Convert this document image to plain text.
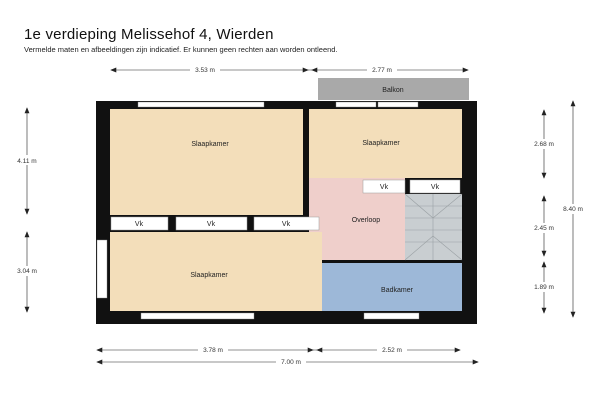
1e verdieping Melissehof 4, Wierden
Vermelde maten en afbeeldingen zijn indicatief. Er kunnen geen rechten aan worden ontleend.
Balkon
Vk	Vk
Vk	Vk	Vk
Slaapkamer	Slaapkamer
Slaapkamer
Overloop
Badkamer
3.53 m	2.77 m
3.78 m	2.52 m
7.00 m
4.11 m
3.04 m
2.68 m
2.45 m
1.89 m
8.40 m
